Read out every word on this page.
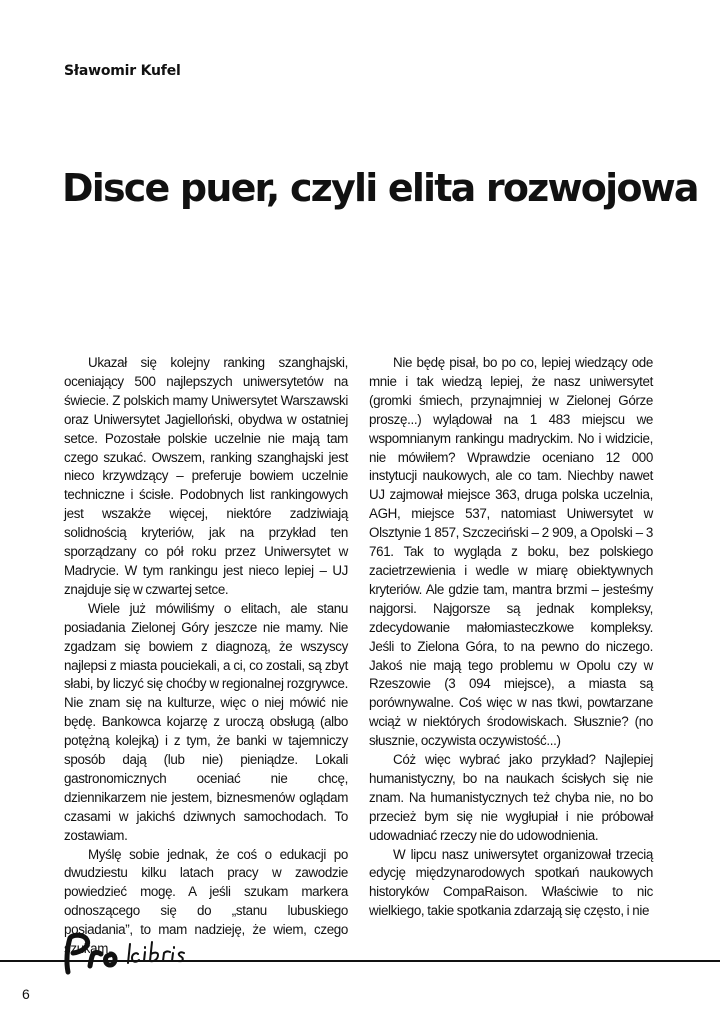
Sławomir Kufel
Disce puer, czyli elita rozwojowa

Ukazał się kolejny ranking szanghajski, oceniający 500 najlepszych uniwersytetów na świecie. Z polskich mamy Uniwersytet Warszawski oraz Uniwersytet Jagielloński, obydwa w ostatniej setce. Pozostałe polskie uczelnie nie mają tam czego szukać. Owszem, ranking szanghajski jest nieco krzywdzący – preferuje bowiem uczelnie techniczne i ścisłe. Podobnych list rankingowych jest wszakże więcej, niektóre zadziwiają solidnością kryteriów, jak na przykład ten sporządzany co pół roku przez Uniwersytet w Madrycie. W tym rankingu jest nieco lepiej – UJ znajduje się w czwartej setce.

Wiele już mówiliśmy o elitach, ale stanu posiadania Zielonej Góry jeszcze nie mamy. Nie zgadzam się bowiem z diagnozą, że wszyscy najlepsi z miasta pouciekali, a ci, co zostali, są zbyt słabi, by liczyć się choćby w regionalnej rozgrywce. Nie znam się na kulturze, więc o niej mówić nie będę. Bankowca kojarzę z uroczą obsługą (albo potężną kolejką) i z tym, że banki w tajemniczy sposób dają (lub nie) pieniądze. Lokali gastronomicznych oceniać nie chcę, dziennikarzem nie jestem, biznesmenów oglądam czasami w jakichś dziwnych samochodach. To zostawiam.

Myślę sobie jednak, że coś o edukacji po dwudziestu kilku latach pracy w zawodzie powiedzieć mogę. A jeśli szukam markera odnoszącego się do „stanu lubuskiego posiadania”, to mam nadzieję, że wiem, czego szukam.

Nie będę pisał, bo po co, lepiej wiedzący ode mnie i tak wiedzą lepiej, że nasz uniwersytet (gromki śmiech, przynajmniej w Zielonej Górze proszę...) wylądował na 1 483 miejscu we wspomnianym rankingu madryckim. No i widzicie, nie mówiłem? Wprawdzie oceniano 12 000 instytucji naukowych, ale co tam. Niechby nawet UJ zajmował miejsce 363, druga polska uczelnia, AGH, miejsce 537, natomiast Uniwersytet w Olsztynie 1 857, Szczeciński – 2 909, a Opolski – 3 761. Tak to wygląda z boku, bez polskiego zacietrzewienia i wedle w miarę obiektywnych kryteriów. Ale gdzie tam, mantra brzmi – jesteśmy najgorsi. Najgorsze są jednak kompleksy, zdecydowanie małomiasteczkowe kompleksy. Jeśli to Zielona Góra, to na pewno do niczego. Jakoś nie mają tego problemu w Opolu czy w Rzeszowie (3 094 miejsce), a miasta są porównywalne. Coś więc w nas tkwi, powtarzane wciąż w niektórych środowiskach. Słusznie? (no słusznie, oczywista oczywistość...)

Cóż więc wybrać jako przykład? Najlepiej humanistyczny, bo na naukach ścisłych się nie znam. Na humanistycznych też chyba nie, no bo przecież bym się nie wygłupiał i nie próbował udowadniać rzeczy nie do udowodnienia.

W lipcu nasz uniwersytet organizował trzecią edycję międzynarodowych spotkań naukowych historyków CompaRaison. Właściwie to nic wielkiego, takie spotkania zdarzają się często, i nie

6
